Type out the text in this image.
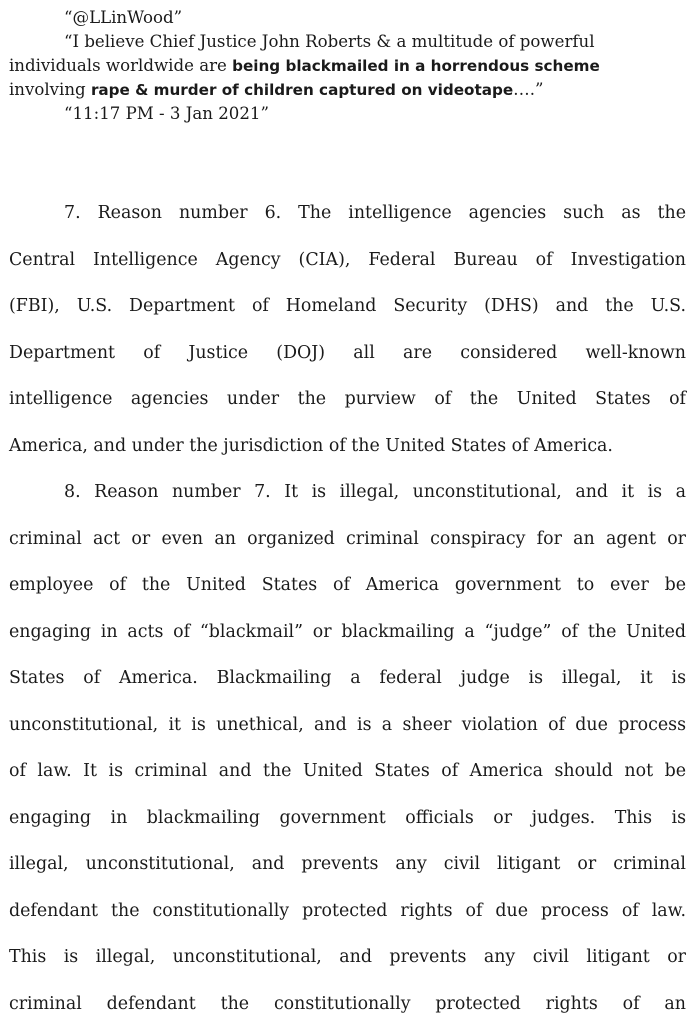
“@LLinWood”
“I believe Chief Justice John Roberts & a multitude of powerful
individuals worldwide are being blackmailed in a horrendous scheme
involving rape & murder of children captured on videotape….”
“11:17 PM - 3 Jan 2021”
7. Reason number 6. The intelligence agencies such as the
Central Intelligence Agency (CIA), Federal Bureau of Investigation
(FBI), U.S. Department of Homeland Security (DHS) and the U.S.
Department of Justice (DOJ) all are considered well-known
intelligence agencies under the purview of the United States of
America, and under the jurisdiction of the United States of America.
8. Reason number 7. It is illegal, unconstitutional, and it is a
criminal act or even an organized criminal conspiracy for an agent or
employee of the United States of America government to ever be
engaging in acts of “blackmail” or blackmailing a “judge” of the United
States of America. Blackmailing a federal judge is illegal, it is
unconstitutional, it is unethical, and is a sheer violation of due process
of law. It is criminal and the United States of America should not be
engaging in blackmailing government officials or judges. This is
illegal, unconstitutional, and prevents any civil litigant or criminal
defendant the constitutionally protected rights of due process of law.
This is illegal, unconstitutional, and prevents any civil litigant or
criminal defendant the constitutionally protected rights of an
